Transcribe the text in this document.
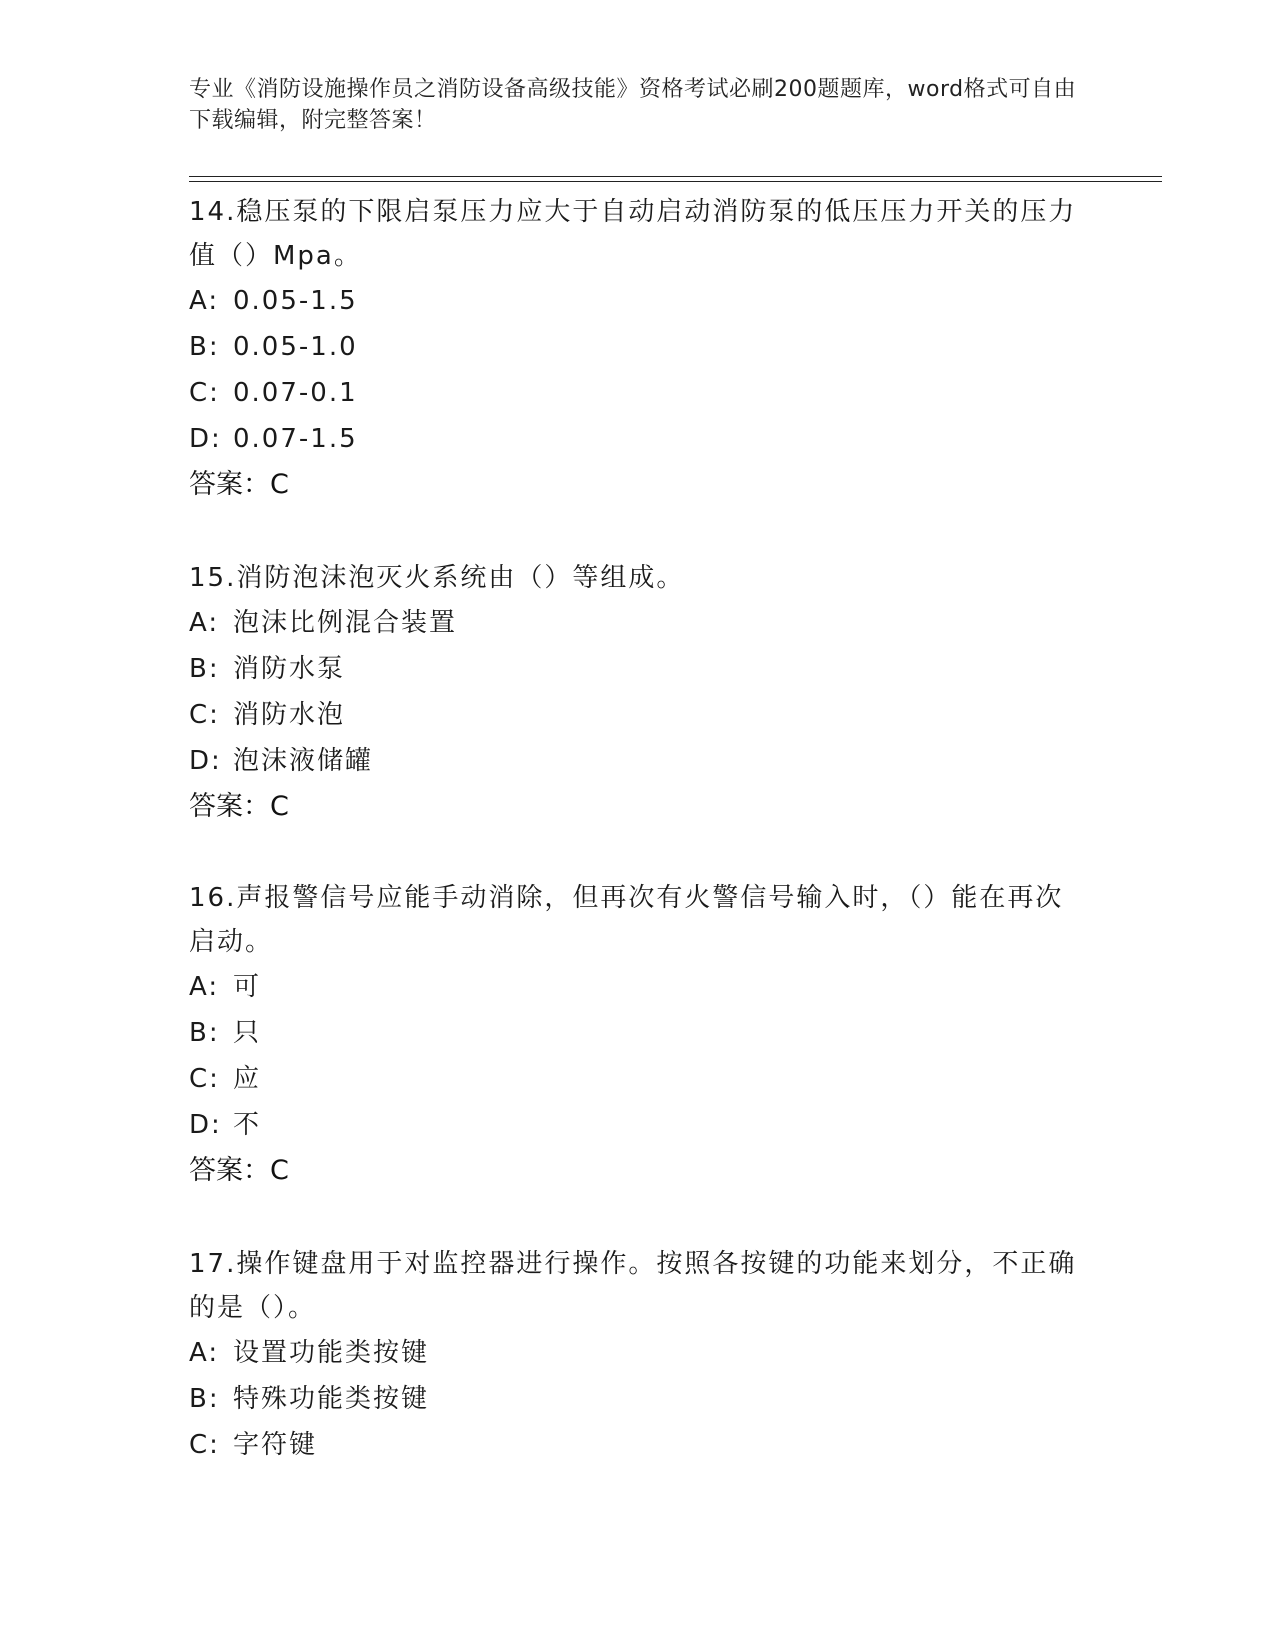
专业《消防设施操作员之消防设备高级技能》资格考试必刷200题题库，word格式可自由下载编辑，附完整答案！
14.稳压泵的下限启泵压力应大于自动启动消防泵的低压压力开关的压力值（）Mpa。
A: 0.05-1.5
B: 0.05-1.0
C: 0.07-0.1
D: 0.07-1.5
答案：C
15.消防泡沫泡灭火系统由（）等组成。
A: 泡沫比例混合装置
B: 消防水泵
C: 消防水泡
D: 泡沫液储罐
答案：C
16.声报警信号应能手动消除，但再次有火警信号输入时，（）能在再次启动。
A: 可
B: 只
C: 应
D: 不
答案：C
17.操作键盘用于对监控器进行操作。按照各按键的功能来划分，不正确的是（）。
A: 设置功能类按键
B: 特殊功能类按键
C: 字符键
